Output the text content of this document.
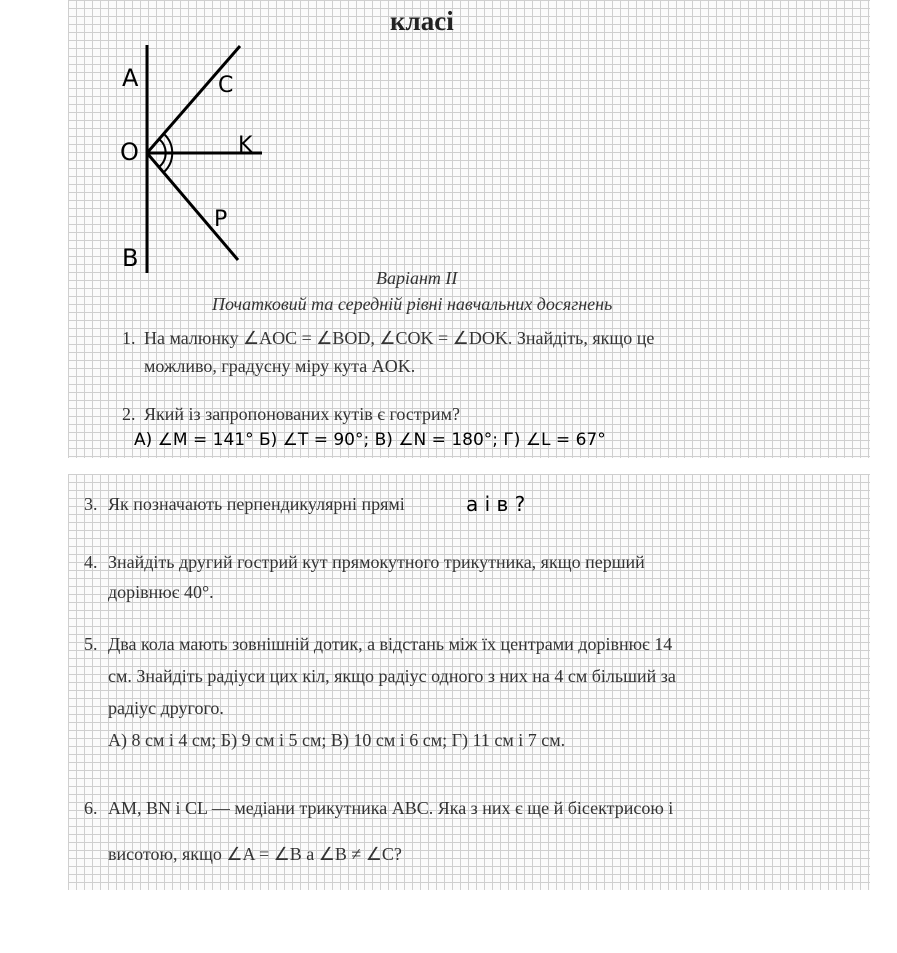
класі
A	C
O	K
P
B
Варіант ІІ
Початковий та середній рівні навчальних досягнень
1. На малюнку ∠AOC = ∠BOD, ∠COK = ∠DOK. Знайдіть, якщо це
можливо, градусну міру кута AOK.
2. Який із запропонованих кутів є гострим?
A) ∠M = 141° Б) ∠T = 90°; B) ∠N = 180°; Г) ∠L = 67°
3. Як позначають перпендикулярні прямі	a і в ?
4. Знайдіть другий гострий кут прямокутного трикутника, якщо перший
дорівнює 40°.
5. Два кола мають зовнішній дотик, а відстань між їх центрами дорівнює 14
см. Знайдіть радіуси цих кіл, якщо радіус одного з них на 4 см більший за
радіус другого.
A) 8 см і 4 см; Б) 9 см і 5 см; B) 10 см і 6 см; Г) 11 см і 7 см.
6. AM, BN і CL — медіани трикутника ABC. Яка з них є ще й бісектрисою і
висотою, якщо ∠A = ∠B а ∠B ≠ ∠C?
